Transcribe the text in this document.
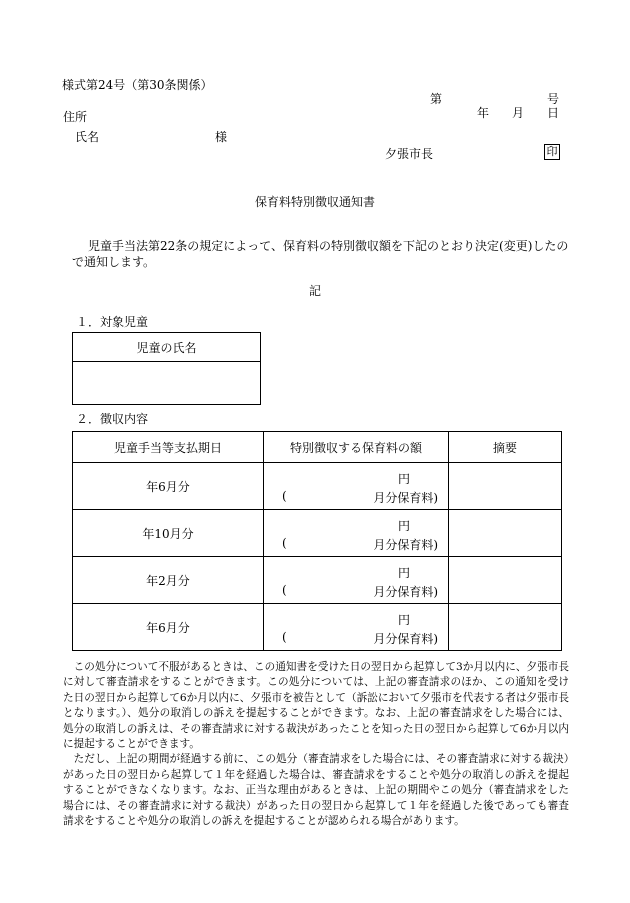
様式第24号（第30条関係）
第	号
年 月 日
住所
氏名	様
夕張市長	印
保育料特別徴収通知書
児童手当法第22条の規定によって、保育料の特別徴収額を下記のとおり決定(変更)したの
で通知します。
記
１．対象児童
児童の氏名

２．徴収内容
児童手当等支払期日	特別徴収する保育料の額	摘要
年6月分	円
( 月分保育料)	

年10月分	円
( 月分保育料)	

年2月分	円
( 月分保育料)	

年6月分	円
( 月分保育料)	

この処分について不服があるときは、この通知書を受けた日の翌日から起算して3か月以内に、夕張市長に対して審査請求をすることができます。この処分については、上記の審査請求のほか、この通知を受けた日の翌日から起算して6か月以内に、夕張市を被告として（訴訟において夕張市を代表する者は夕張市長となります。）、処分の取消しの訴えを提起することができます。なお、上記の審査請求をした場合には、処分の取消しの訴えは、その審査請求に対する裁決があったことを知った日の翌日から起算して6か月以内に提起することができます。

ただし、上記の期間が経過する前に、この処分（審査請求をした場合には、その審査請求に対する裁決）があった日の翌日から起算して１年を経過した場合は、審査請求をすることや処分の取消しの訴えを提起することができなくなります。なお、正当な理由があるときは、上記の期間やこの処分（審査請求をした場合には、その審査請求に対する裁決）があった日の翌日から起算して１年を経過した後であっても審査請求をすることや処分の取消しの訴えを提起することが認められる場合があります。
